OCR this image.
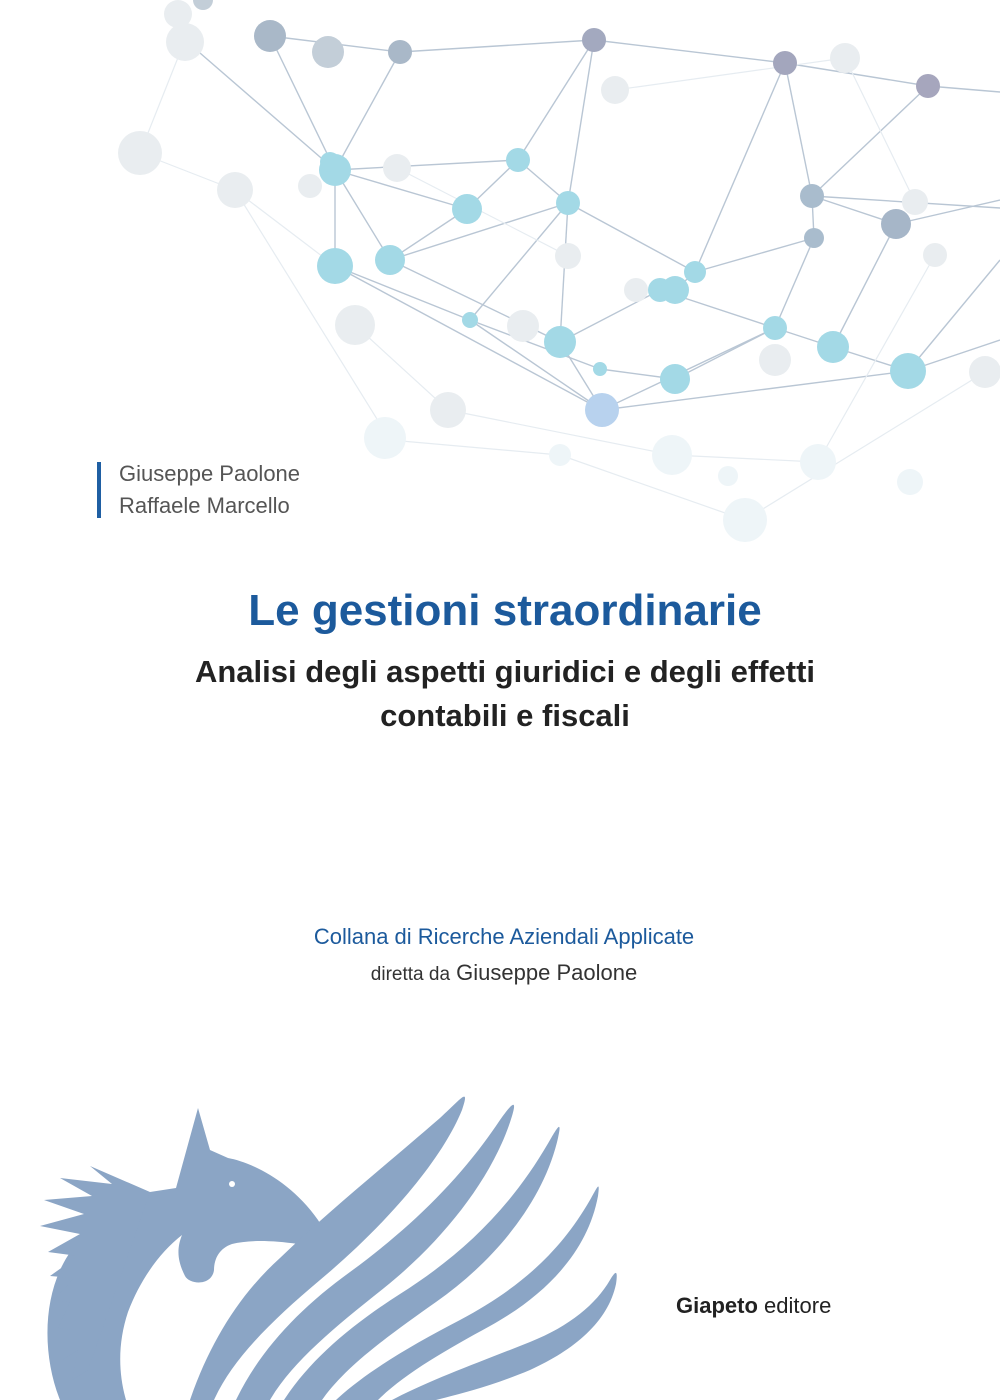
Giuseppe Paolone
Raffaele Marcello
Le gestioni straordinarie
Analisi degli aspetti giuridici e degli effetti
contabili e fiscali
Collana di Ricerche Aziendali Applicate
diretta da Giuseppe Paolone
Giapeto editore
